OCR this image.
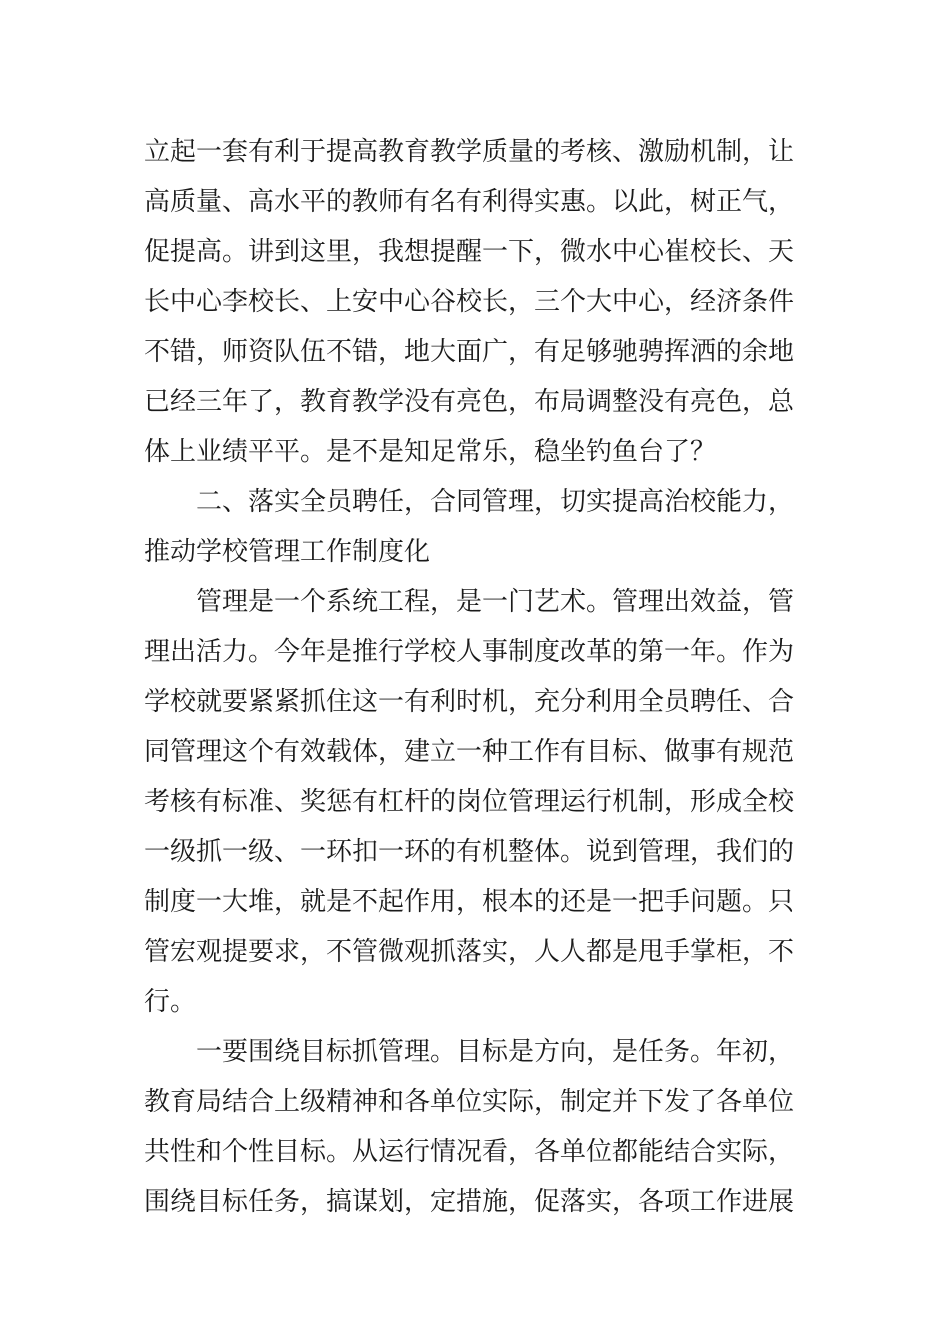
立起一套有利于提高教育教学质量的考核、激励机制，让
高质量、高水平的教师有名有利得实惠。以此，树正气，
促提高。讲到这里，我想提醒一下，微水中心崔校长、天
长中心李校长、上安中心谷校长，三个大中心，经济条件
不错，师资队伍不错，地大面广，有足够驰骋挥洒的余地
已经三年了，教育教学没有亮色，布局调整没有亮色，总
体上业绩平平。是不是知足常乐，稳坐钓鱼台了？
二、落实全员聘任，合同管理，切实提高治校能力，
推动学校管理工作制度化
管理是一个系统工程，是一门艺术。管理出效益，管
理出活力。今年是推行学校人事制度改革的第一年。作为
学校就要紧紧抓住这一有利时机，充分利用全员聘任、合
同管理这个有效载体，建立一种工作有目标、做事有规范
考核有标准、奖惩有杠杆的岗位管理运行机制，形成全校
一级抓一级、一环扣一环的有机整体。说到管理，我们的
制度一大堆，就是不起作用，根本的还是一把手问题。只
管宏观提要求，不管微观抓落实，人人都是甩手掌柜，不
行。
一要围绕目标抓管理。目标是方向，是任务。年初，
教育局结合上级精神和各单位实际，制定并下发了各单位
共性和个性目标。从运行情况看，各单位都能结合实际，
围绕目标任务，搞谋划，定措施，促落实，各项工作进展
